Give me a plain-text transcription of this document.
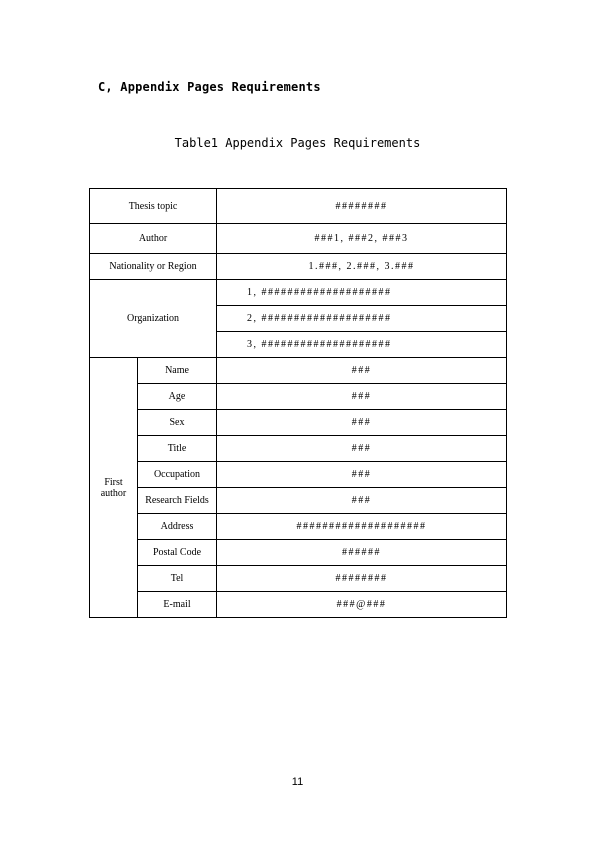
C, Appendix Pages Requirements
Table1 Appendix Pages Requirements
Thesis topic		########
Author		###1, ###2, ###3
Nationality or Region		1.###, 2.###, 3.###
Organization		1, ####################
		2, ####################
		3, ####################
First
author	Name	###
	Age	###
	Sex	###
	Title	###
	Occupation	###
	Research Fields	###
	Address	####################
	Postal Code	######
	Tel	########
	E-mail	###@###
11
